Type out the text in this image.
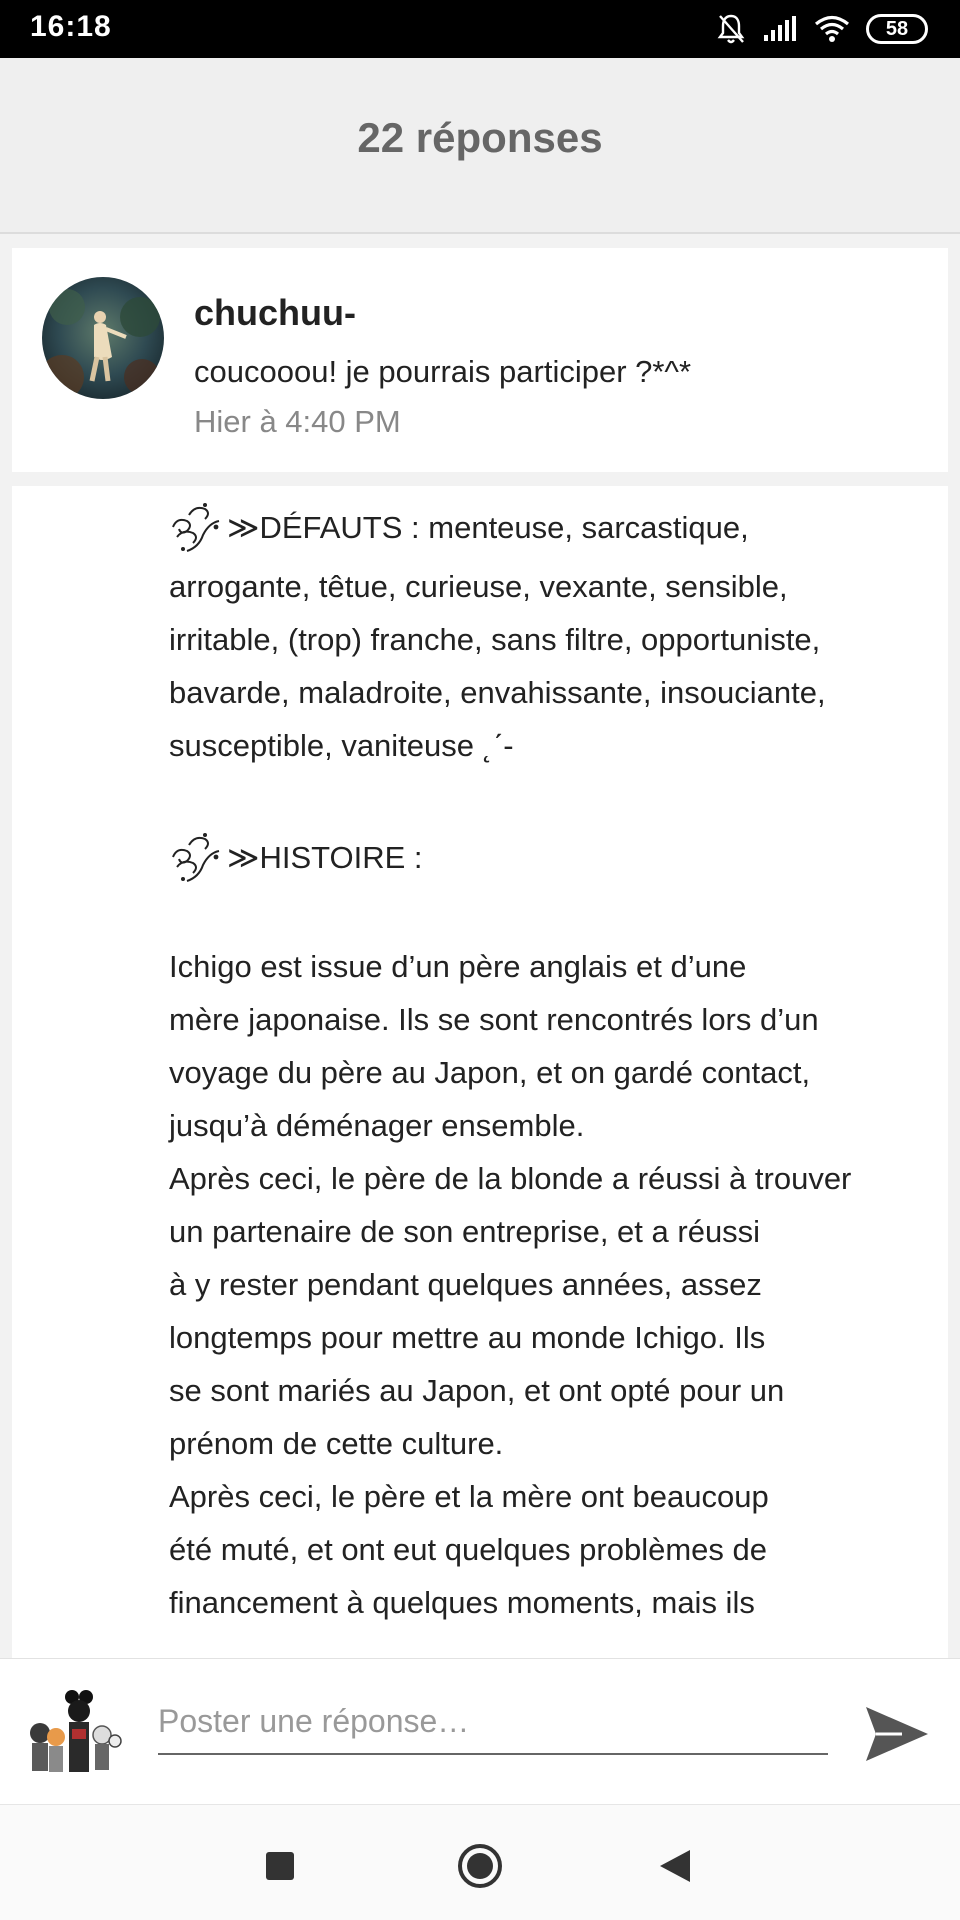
16:18	58
22 réponses
chuchuu-
coucooou! je pourrais participer ?*^*
Hier à 4:40 PM
≫DÉFAUTS : menteuse, sarcastique,
arrogante, têtue, curieuse, vexante, sensible,
irritable, (trop) franche, sans filtre, opportuniste,
bavarde, maladroite, envahissante, insouciante,
susceptible, vaniteuse ˛ˊ-
≫HISTOIRE :
Ichigo est issue d’un père anglais et d’une
mère japonaise. Ils se sont rencontrés lors d’un
voyage du père au Japon, et on gardé contact,
jusqu’à déménager ensemble.
Après ceci, le père de la blonde a réussi à trouver
un partenaire de son entreprise, et a réussi
à y rester pendant quelques années, assez
longtemps pour mettre au monde Ichigo. Ils
se sont mariés au Japon, et ont opté pour un
prénom de cette culture.
Après ceci, le père et la mère ont beaucoup
été muté, et ont eut quelques problèmes de
financement à quelques moments, mais ils
Poster une réponse…
